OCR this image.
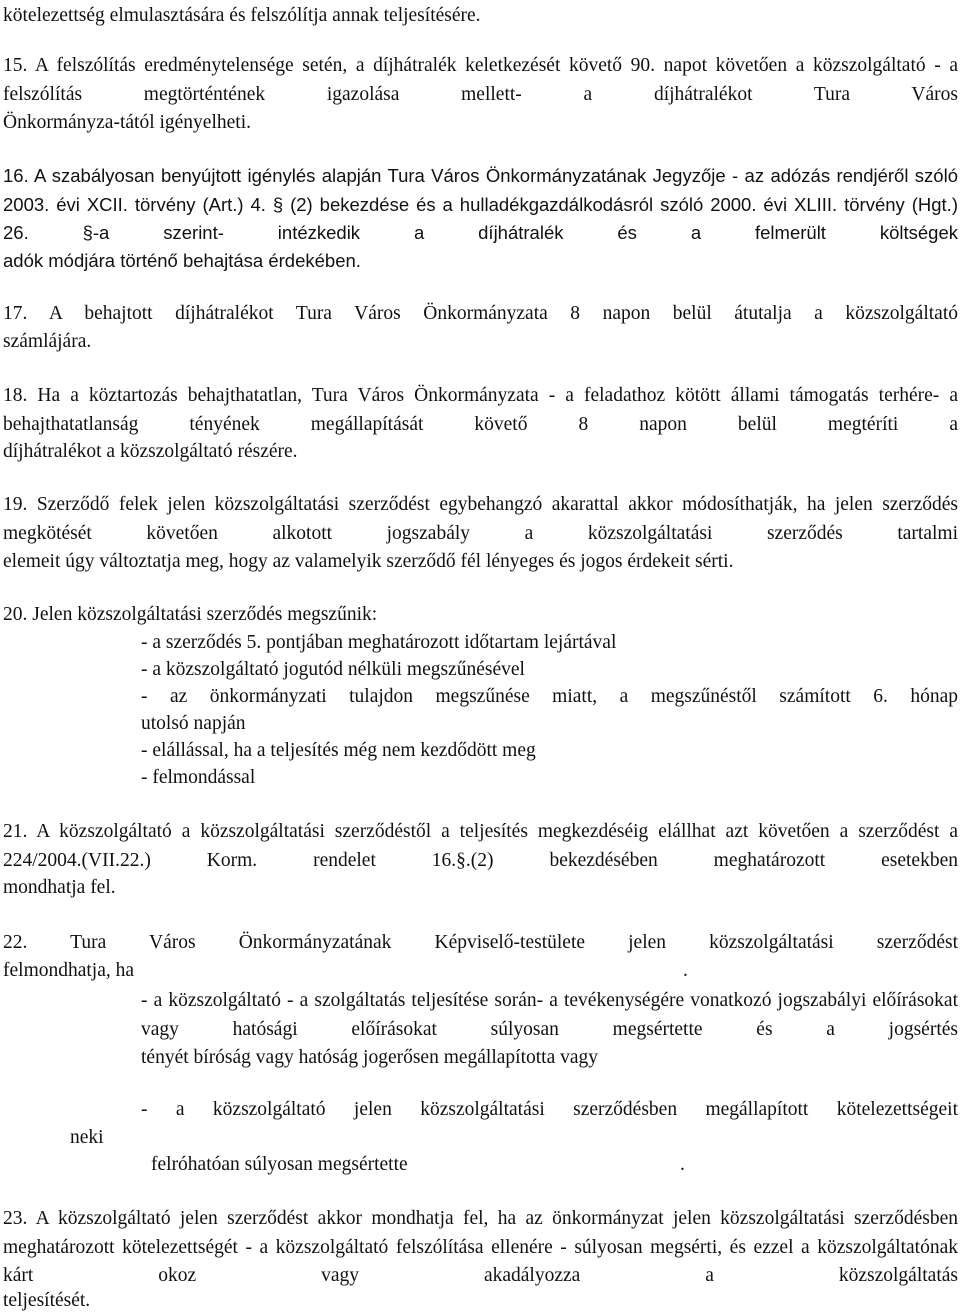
kötelezettség elmulasztására és felszólítja annak teljesítésére.

15. A felszólítás eredménytelensége setén, a díjhátralék keletkezését követő 90. napot követően a közszolgáltató - a felszólítás megtörténtének igazolása mellett- a díjhátralékot Tura Város

Önkormányza-tától igényelheti.

16. A szabályosan benyújtott igénylés alapján Tura Város Önkormányzatának Jegyzője - az adózás rendjéről szóló 2003. évi XCII. törvény (Art.) 4. § (2) bekezdése és a hulladékgazdálkodásról szóló 2000. évi XLIII. törvény (Hgt.) 26. §-a szerint- intézkedik a díjhátralék és a felmerült költségek

adók módjára történő behajtása érdekében.

17. A behajtott díjhátralékot Tura Város Önkormányzata 8 napon belül átutalja a közszolgáltató

számlájára.

18. Ha a köztartozás behajthatatlan, Tura Város Önkormányzata - a feladathoz kötött állami támogatás terhére- a behajthatatlanság tényének megállapítását követő 8 napon belül megtéríti a

díjhátralékot a közszolgáltató részére.

19. Szerződő felek jelen közszolgáltatási szerződést egybehangzó akarattal akkor módosíthatják, ha jelen szerződés megkötését követően alkotott jogszabály a közszolgáltatási szerződés tartalmi

elemeit úgy változtatja meg, hogy az valamelyik szerződő fél lényeges és jogos érdekeit sérti.

20. Jelen közszolgáltatási szerződés megszűnik:

- a szerződés 5. pontjában meghatározott időtartam lejártával

- a közszolgáltató jogutód nélküli megszűnésével

- az önkormányzati tulajdon megszűnése miatt, a megszűnéstől számított 6. hónap

utolsó napján

- elállással, ha a teljesítés még nem kezdődött meg

- felmondással

21. A közszolgáltató a közszolgáltatási szerződéstől a teljesítés megkezdéséig elállhat azt követően a szerződést a 224/2004.(VII.22.) Korm. rendelet 16.§.(2) bekezdésében meghatározott esetekben

mondhatja fel.

22. Tura Város Önkormányzatának Képviselő-testülete jelen közszolgáltatási szerződést

felmondhatja, ha	.

- a közszolgáltató - a szolgáltatás teljesítése során- a tevékenységére vonatkozó jogszabályi előírásokat vagy hatósági előírásokat súlyosan megsértette és a jogsértés

tényét bíróság vagy hatóság jogerősen megállapította vagy

- a közszolgáltató jelen közszolgáltatási szerződésben megállapított kötelezettségeit

neki

felróhatóan súlyosan megsértette	.

23. A közszolgáltató jelen szerződést akkor mondhatja fel, ha az önkormányzat jelen közszolgáltatási szerződésben meghatározott kötelezettségét - a közszolgáltató felszólítása ellenére - súlyosan megsérti, és ezzel a közszolgáltatónak kárt okoz vagy akadályozza a közszolgáltatás

teljesítését.
